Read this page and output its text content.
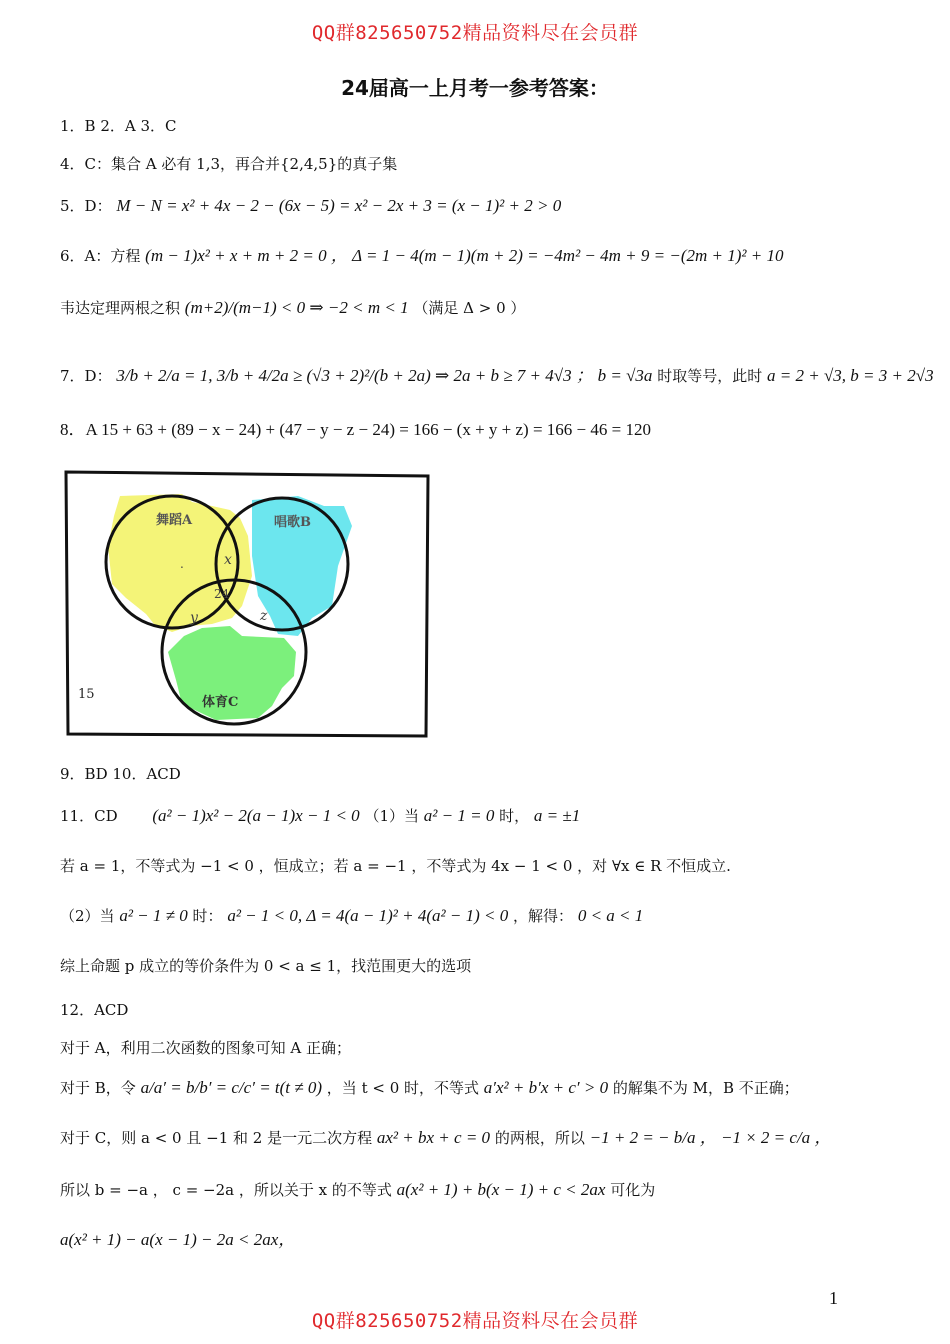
QQ群825650752精品资料尽在会员群
24届高一上月考一参考答案：
1．B 2．A 3．C
4．C：集合 A 必有 1,3，再合并{2,4,5}的真子集
5．D： M − N = x² + 4x − 2 − (6x − 5) = x² − 2x + 3 = (x − 1)² + 2 > 0
6．A：方程 (m − 1)x² + x + m + 2 = 0 ， Δ = 1 − 4(m − 1)(m + 2) = −4m² − 4m + 9 = −(2m + 1)² + 10
韦达定理两根之积 (m+2)/(m−1) < 0 ⇒ −2 < m < 1 （满足 Δ > 0 ）
7．D： 3/b + 2/a = 1, 3/b + 4/2a ≥ (√3 + 2)²/(b + 2a) ⇒ 2a + b ≥ 7 + 4√3 ； b = √3a 时取等号，此时 a = 2 + √3, b = 3 + 2√3
8．A 15 + 63 + (89 − x − 24) + (47 − y − z − 24) = 166 − (x + y + z) = 166 − 46 = 120
舞蹈A	唱歌B
体育C
x
y	z
24
.
15
9．BD 10．ACD
11．CD (a² − 1)x² − 2(a − 1)x − 1 < 0 （1）当 a² − 1 = 0 时， a = ±1
若 a = 1，不等式为 −1 < 0 ，恒成立；若 a = −1 ，不等式为 4x − 1 < 0 ，对 ∀x ∈ R 不恒成立.
（2）当 a² − 1 ≠ 0 时： a² − 1 < 0, Δ = 4(a − 1)² + 4(a² − 1) < 0 ，解得： 0 < a < 1
综上命题 p 成立的等价条件为 0 < a ≤ 1，找范围更大的选项
12．ACD
对于 A，利用二次函数的图象可知 A 正确；
对于 B，令 a/a′ = b/b′ = c/c′ = t(t ≠ 0) ，当 t < 0 时，不等式 a′x² + b′x + c′ > 0 的解集不为 M，B 不正确；
对于 C，则 a < 0 且 −1 和 2 是一元二次方程 ax² + bx + c = 0 的两根，所以 −1 + 2 = − b/a ， −1 × 2 = c/a ，
所以 b = −a ， c = −2a ，所以关于 x 的不等式 a(x² + 1) + b(x − 1) + c < 2ax 可化为
a(x² + 1) − a(x − 1) − 2a < 2ax，
1
QQ群825650752精品资料尽在会员群
